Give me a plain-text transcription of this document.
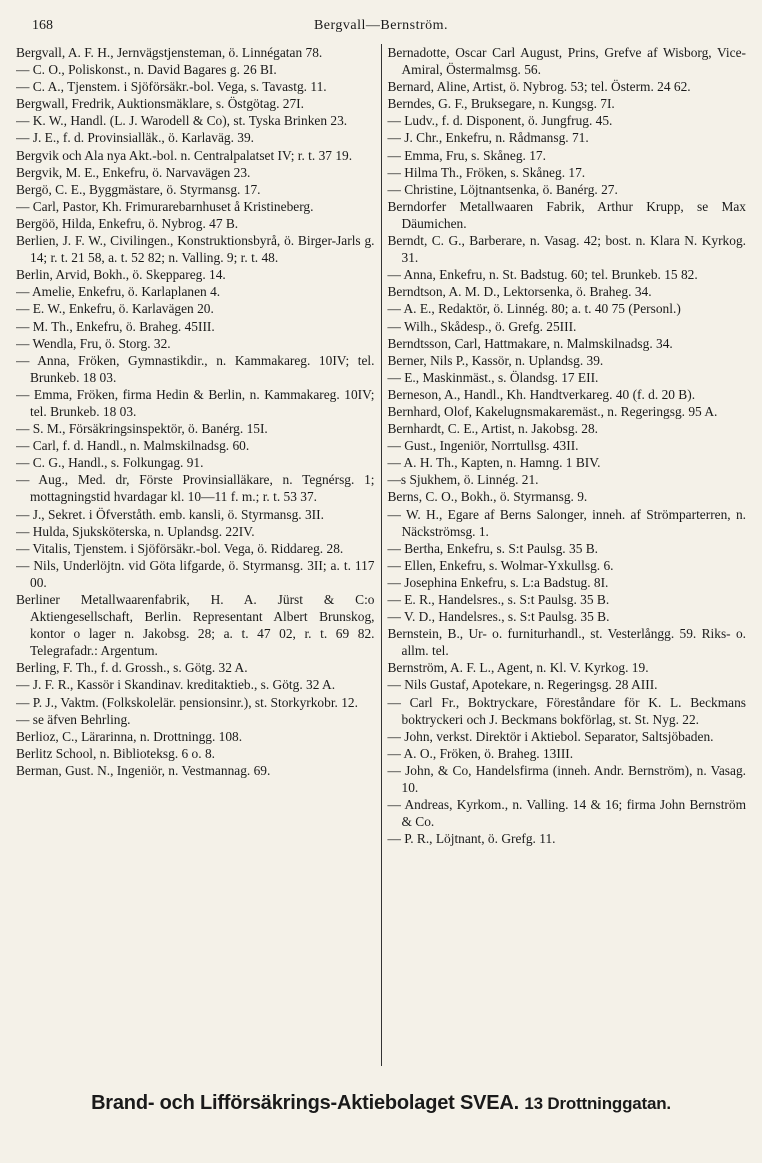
168	Bergvall—Bernström.
Bergvall, A. F. H., Jernvägstjensteman, ö. Linnégatan 78.
— C. O., Poliskonst., n. David Bagares g. 26 BI.
— C. A., Tjenstem. i Sjöförsäkr.-bol. Vega, s. Tavastg. 11.
Bergwall, Fredrik, Auktionsmäklare, s. Östgötag. 27I.
— K. W., Handl. (L. J. Warodell & Co), st. Tyska Brinken 23.
— J. E., f. d. Provinsialläk., ö. Karlaväg. 39.
Bergvik och Ala nya Akt.-bol. n. Centralpalatset IV; r. t. 37 19.
Bergvik, M. E., Enkefru, ö. Narvavägen 23.
Bergö, C. E., Byggmästare, ö. Styrmansg. 17.
— Carl, Pastor, Kh. Frimurarebarnhuset å Kristineberg.
Bergöö, Hilda, Enkefru, ö. Nybrog. 47 B.
Berlien, J. F. W., Civilingen., Konstruktionsbyrå, ö. Birger-Jarls g. 14; r. t. 21 58, a. t. 52 82; n. Valling. 9; r. t. 48.
Berlin, Arvid, Bokh., ö. Skeppareg. 14.
— Amelie, Enkefru, ö. Karlaplanen 4.
— E. W., Enkefru, ö. Karlavägen 20.
— M. Th., Enkefru, ö. Braheg. 45III.
— Wendla, Fru, ö. Storg. 32.
— Anna, Fröken, Gymnastikdir., n. Kammakareg. 10IV; tel. Brunkeb. 18 03.
— Emma, Fröken, firma Hedin & Berlin, n. Kammakareg. 10IV; tel. Brunkeb. 18 03.
— S. M., Försäkringsinspektör, ö. Banérg. 15I.
— Carl, f. d. Handl., n. Malmskilnadsg. 60.
— C. G., Handl., s. Folkungag. 91.
— Aug., Med. dr, Förste Provinsialläkare, n. Tegnérsg. 1; mottagningstid hvardagar kl. 10—11 f. m.; r. t. 53 37.
— J., Sekret. i Öfverståth. emb. kansli, ö. Styrmansg. 3II.
— Hulda, Sjuksköterska, n. Uplandsg. 22IV.
— Vitalis, Tjenstem. i Sjöförsäkr.-bol. Vega, ö. Riddareg. 28.
— Nils, Underlöjtn. vid Göta lifgarde, ö. Styrmansg. 3II; a. t. 117 00.
Berliner Metallwaarenfabrik, H. A. Jürst & C:o Aktiengesellschaft, Berlin. Representant Albert Brunskog, kontor o lager n. Jakobsg. 28; a. t. 47 02, r. t. 69 82. Telegrafadr.: Argentum.
Berling, F. Th., f. d. Grossh., s. Götg. 32 A.
— J. F. R., Kassör i Skandinav. kreditaktieb., s. Götg. 32 A.
— P. J., Vaktm. (Folkskolelär. pensionsinr.), st. Storkyrkobr. 12.
— se äfven Behrling.
Berlioz, C., Lärarinna, n. Drottningg. 108.
Berlitz School, n. Biblioteksg. 6 o. 8.
Berman, Gust. N., Ingeniör, n. Vestmannag. 69.
Bernadotte, Oscar Carl August, Prins, Grefve af Wisborg, Vice-Amiral, Östermalmsg. 56.
Bernard, Aline, Artist, ö. Nybrog. 53; tel. Österm. 24 62.
Berndes, G. F., Bruksegare, n. Kungsg. 7I.
— Ludv., f. d. Disponent, ö. Jungfrug. 45.
— J. Chr., Enkefru, n. Rådmansg. 71.
— Emma, Fru, s. Skåneg. 17.
— Hilma Th., Fröken, s. Skåneg. 17.
— Christine, Löjtnantsenka, ö. Banérg. 27.
Berndorfer Metallwaaren Fabrik, Arthur Krupp, se Max Däumichen.
Berndt, C. G., Barberare, n. Vasag. 42; bost. n. Klara N. Kyrkog. 31.
— Anna, Enkefru, n. St. Badstug. 60; tel. Brunkeb. 15 82.
Berndtson, A. M. D., Lektorsenka, ö. Braheg. 34.
— A. E., Redaktör, ö. Linnég. 80; a. t. 40 75 (Personl.)
— Wilh., Skådesp., ö. Grefg. 25III.
Berndtsson, Carl, Hattmakare, n. Malmskilnadsg. 34.
Berner, Nils P., Kassör, n. Uplandsg. 39.
— E., Maskinmäst., s. Ölandsg. 17 EII.
Berneson, A., Handl., Kh. Handtverkareg. 40 (f. d. 20 B).
Bernhard, Olof, Kakelugnsmakaremäst., n. Regeringsg. 95 A.
Bernhardt, C. E., Artist, n. Jakobsg. 28.
— Gust., Ingeniör, Norrtullsg. 43II.
— A. H. Th., Kapten, n. Hamng. 1 BIV.
—s Sjukhem, ö. Linnég. 21.
Berns, C. O., Bokh., ö. Styrmansg. 9.
— W. H., Egare af Berns Salonger, inneh. af Strömparterren, n. Näckströmsg. 1.
— Bertha, Enkefru, s. S:t Paulsg. 35 B.
— Ellen, Enkefru, s. Wolmar-Yxkullsg. 6.
— Josephina Enkefru, s. L:a Badstug. 8I.
— E. R., Handelsres., s. S:t Paulsg. 35 B.
— V. D., Handelsres., s. S:t Paulsg. 35 B.
Bernstein, B., Ur- o. furniturhandl., st. Vesterlångg. 59. Riks- o. allm. tel.
Bernström, A. F. L., Agent, n. Kl. V. Kyrkog. 19.
— Nils Gustaf, Apotekare, n. Regeringsg. 28 AIII.
— Carl Fr., Boktryckare, Föreståndare för K. L. Beckmans boktryckeri och J. Beckmans bokförlag, st. St. Nyg. 22.
— John, verkst. Direktör i Aktiebol. Separator, Saltsjöbaden.
— A. O., Fröken, ö. Braheg. 13III.
— John, & Co, Handelsfirma (inneh. Andr. Bernström), n. Vasag. 10.
— Andreas, Kyrkom., n. Valling. 14 & 16; firma John Bernström & Co.
— P. R., Löjtnant, ö. Grefg. 11.
Brand- och Lifförsäkrings-Aktiebolaget SVEA. 13 Drottninggatan.
